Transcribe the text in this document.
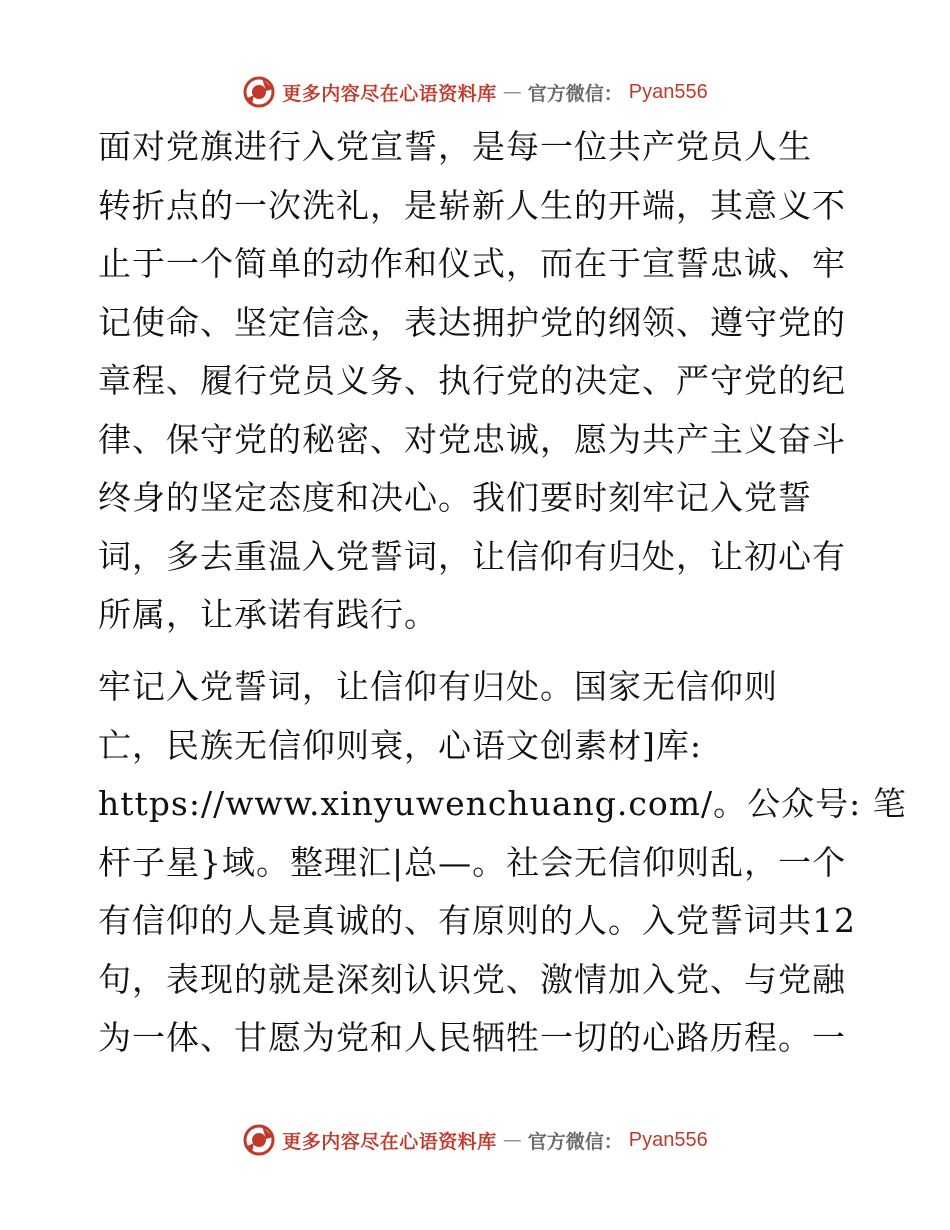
更多内容尽在心语资料库 — 官方微信： Pyan556

面对党旗进行入党宣誓，是每一位共产党员人生
转折点的一次洗礼，是崭新人生的开端，其意义不
止于一个简单的动作和仪式，而在于宣誓忠诚、牢
记使命、坚定信念，表达拥护党的纲领、遵守党的
章程、履行党员义务、执行党的决定、严守党的纪
律、保守党的秘密、对党忠诚，愿为共产主义奋斗
终身的坚定态度和决心。我们要时刻牢记入党誓
词，多去重温入党誓词，让信仰有归处，让初心有
所属，让承诺有践行。

牢记入党誓词，让信仰有归处。国家无信仰则
亡，民族无信仰则衰，心语文创素材]库:
https://www.xinyuwenchuang.com/。公众号: 笔
杆子星}域。整理汇|总—。社会无信仰则乱，一个
有信仰的人是真诚的、有原则的人。入党誓词共12
句，表现的就是深刻认识党、激情加入党、与党融
为一体、甘愿为党和人民牺牲一切的心路历程。一

更多内容尽在心语资料库 — 官方微信： Pyan556
